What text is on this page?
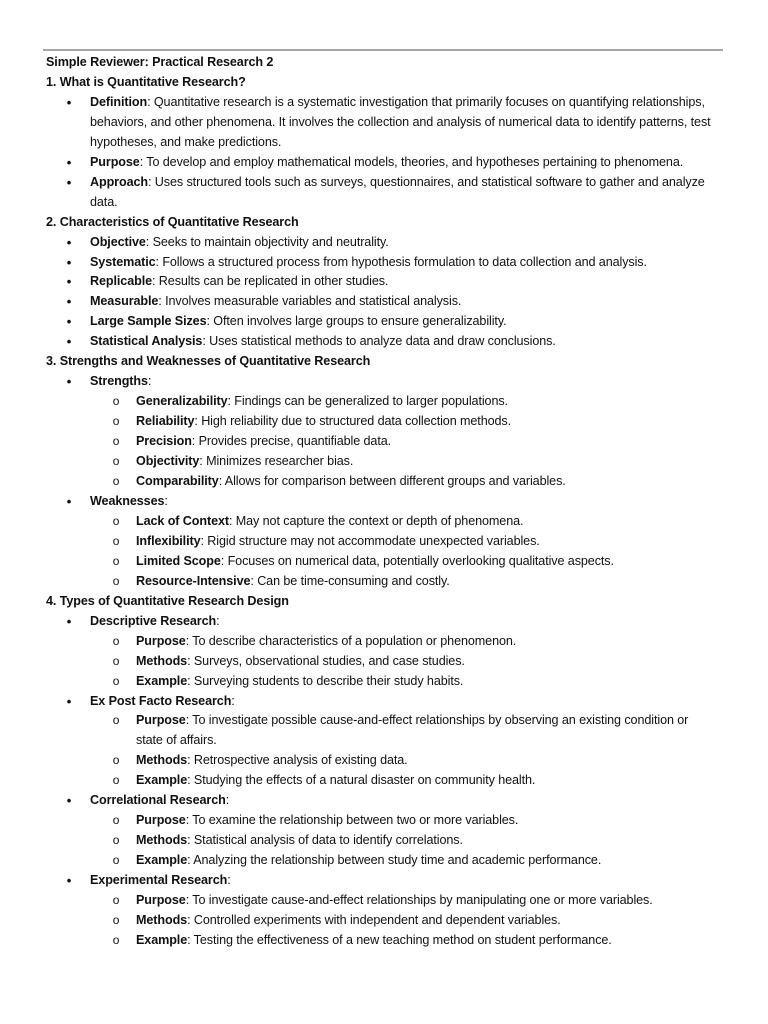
Simple Reviewer: Practical Research 2

1. What is Quantitative Research?

• Definition: Quantitative research is a systematic investigation that primarily focuses on quantifying relationships, behaviors, and other phenomena. It involves the collection and analysis of numerical data to identify patterns, test hypotheses, and make predictions.
• Purpose: To develop and employ mathematical models, theories, and hypotheses pertaining to phenomena.
• Approach: Uses structured tools such as surveys, questionnaires, and statistical software to gather and analyze data.

2. Characteristics of Quantitative Research

• Objective: Seeks to maintain objectivity and neutrality.
• Systematic: Follows a structured process from hypothesis formulation to data collection and analysis.
• Replicable: Results can be replicated in other studies.
• Measurable: Involves measurable variables and statistical analysis.
• Large Sample Sizes: Often involves large groups to ensure generalizability.
• Statistical Analysis: Uses statistical methods to analyze data and draw conclusions.

3. Strengths and Weaknesses of Quantitative Research

• Strengths:
o Generalizability: Findings can be generalized to larger populations.
o Reliability: High reliability due to structured data collection methods.
o Precision: Provides precise, quantifiable data.
o Objectivity: Minimizes researcher bias.
o Comparability: Allows for comparison between different groups and variables.
• Weaknesses:
o Lack of Context: May not capture the context or depth of phenomena.
o Inflexibility: Rigid structure may not accommodate unexpected variables.
o Limited Scope: Focuses on numerical data, potentially overlooking qualitative aspects.
o Resource-Intensive: Can be time-consuming and costly.

4. Types of Quantitative Research Design

• Descriptive Research:
o Purpose: To describe characteristics of a population or phenomenon.
o Methods: Surveys, observational studies, and case studies.
o Example: Surveying students to describe their study habits.
• Ex Post Facto Research:
o Purpose: To investigate possible cause-and-effect relationships by observing an existing condition or state of affairs.
o Methods: Retrospective analysis of existing data.
o Example: Studying the effects of a natural disaster on community health.
• Correlational Research:
o Purpose: To examine the relationship between two or more variables.
o Methods: Statistical analysis of data to identify correlations.
o Example: Analyzing the relationship between study time and academic performance.
• Experimental Research:
o Purpose: To investigate cause-and-effect relationships by manipulating one or more variables.
o Methods: Controlled experiments with independent and dependent variables.
o Example: Testing the effectiveness of a new teaching method on student performance.
